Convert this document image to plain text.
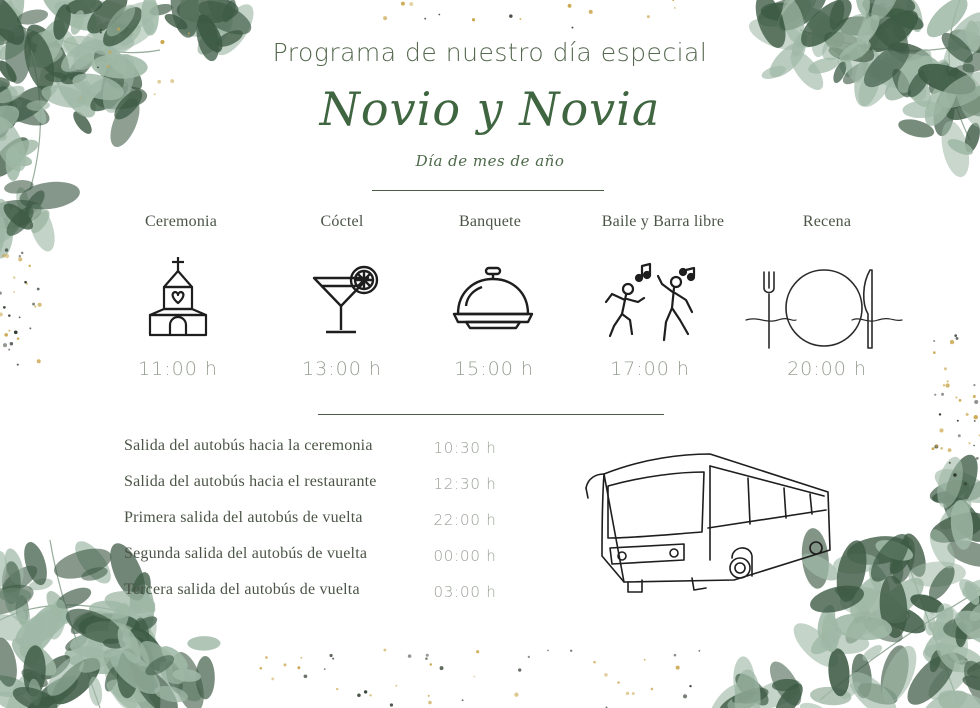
Programa de nuestro día especial
Novio y Novia
Día de mes de año
Ceremonia	Cóctel	Banquete	Baile y Barra libre	Recena
11:00 h	13:00 h	15:00 h	17:00 h	20:00 h
Salida del autobús hacia la ceremonia	10:30 h
Salida del autobús hacia el restaurante	12:30 h
Primera salida del autobús de vuelta	22:00 h
Segunda salida del autobús de vuelta	00:00 h
Tercera salida del autobús de vuelta	03:00 h
